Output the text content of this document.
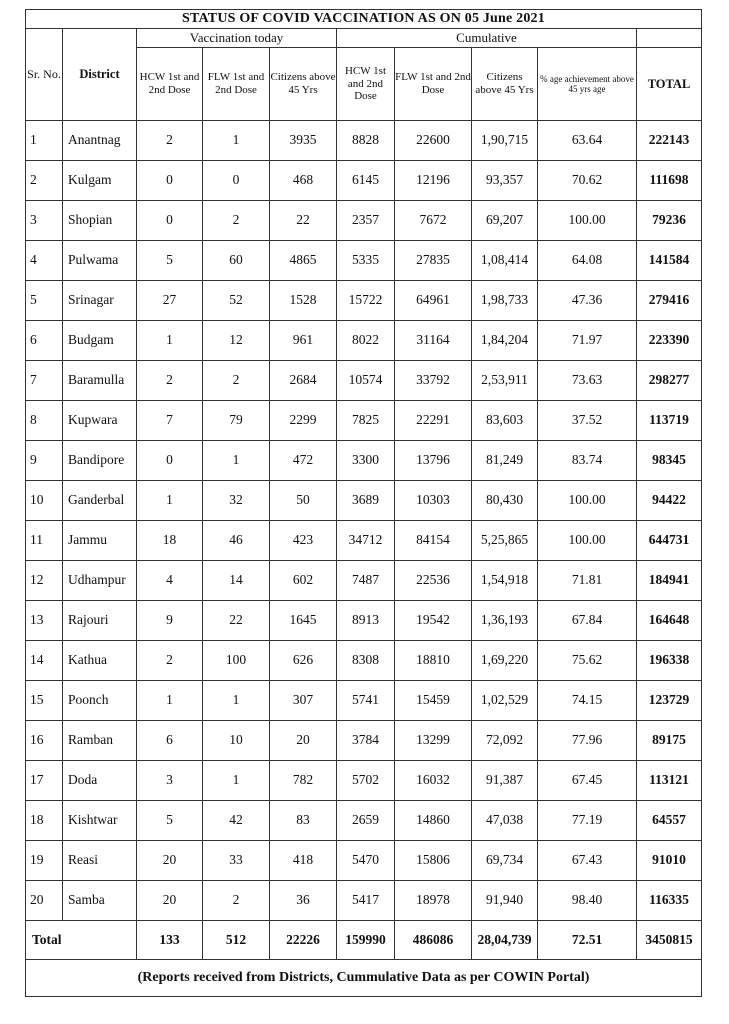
STATUS OF COVID VACCINATION AS ON 05 June 2021									
Sr. No.	District	Vaccination today			Cumulative				
		HCW 1st and 2nd Dose	FLW 1st and 2nd Dose	Citizens above 45 Yrs	HCW 1st and 2nd Dose	FLW 1st and 2nd Dose	Citizens above 45 Yrs	% age achievement above 45 yrs age	TOTAL
1	Anantnag	2	1	3935	8828	22600	1,90,715	63.64	222143
2	Kulgam	0	0	468	6145	12196	93,357	70.62	111698
3	Shopian	0	2	22	2357	7672	69,207	100.00	79236
4	Pulwama	5	60	4865	5335	27835	1,08,414	64.08	141584
5	Srinagar	27	52	1528	15722	64961	1,98,733	47.36	279416
6	Budgam	1	12	961	8022	31164	1,84,204	71.97	223390
7	Baramulla	2	2	2684	10574	33792	2,53,911	73.63	298277
8	Kupwara	7	79	2299	7825	22291	83,603	37.52	113719
9	Bandipore	0	1	472	3300	13796	81,249	83.74	98345
10	Ganderbal	1	32	50	3689	10303	80,430	100.00	94422
11	Jammu	18	46	423	34712	84154	5,25,865	100.00	644731
12	Udhampur	4	14	602	7487	22536	1,54,918	71.81	184941
13	Rajouri	9	22	1645	8913	19542	1,36,193	67.84	164648
14	Kathua	2	100	626	8308	18810	1,69,220	75.62	196338
15	Poonch	1	1	307	5741	15459	1,02,529	74.15	123729
16	Ramban	6	10	20	3784	13299	72,092	77.96	89175
17	Doda	3	1	782	5702	16032	91,387	67.45	113121
18	Kishtwar	5	42	83	2659	14860	47,038	77.19	64557
19	Reasi	20	33	418	5470	15806	69,734	67.43	91010
20	Samba	20	2	36	5417	18978	91,940	98.40	116335
Total		133	512	22226	159990	486086	28,04,739	72.51	3450815
(Reports received from Districts, Cummulative Data as per COWIN Portal)									
